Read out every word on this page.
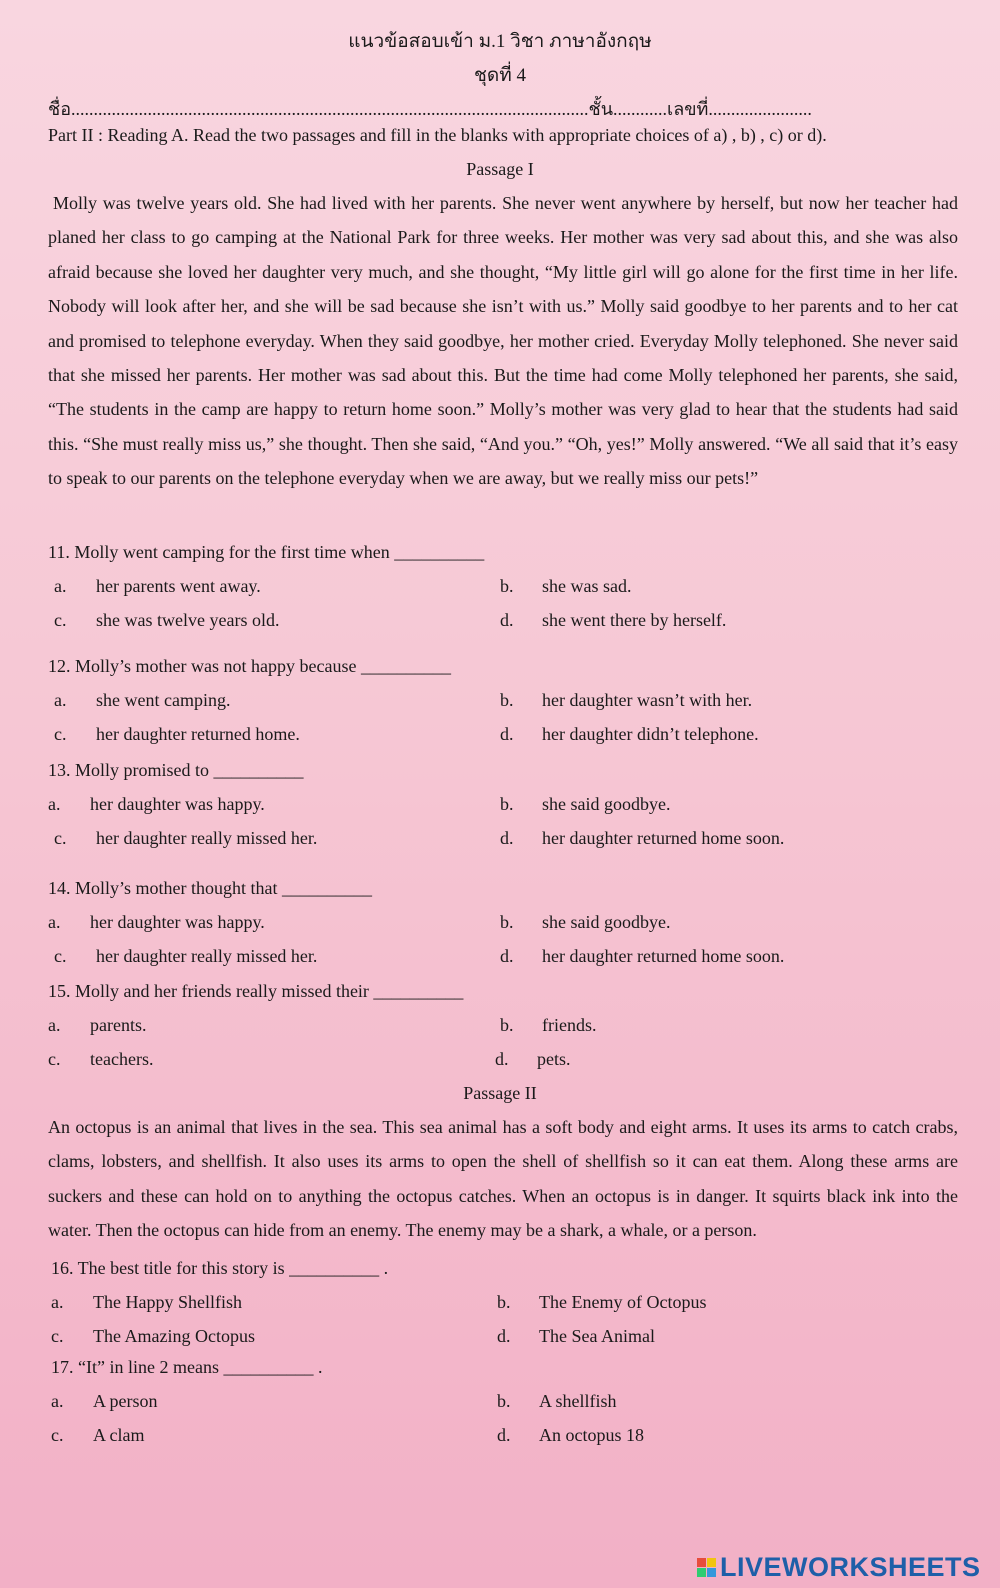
แนวข้อสอบเข้า ม.1 วิชา ภาษาอังกฤษ
ชุดที่ 4
ชื่อ...................................................................................................................ชั้น............เลขที่.......................
Part II : Reading A. Read the two passages and fill in the blanks with appropriate choices of a) , b) , c) or d).
Passage I
Molly was twelve years old. She had lived with her parents. She never went anywhere by herself, but now her teacher had planed her class to go camping at the National Park for three weeks. Her mother was very sad about this, and she was also afraid because she loved her daughter very much, and she thought, “My little girl will go alone for the first time in her life. Nobody will look after her, and she will be sad because she isn’t with us.” Molly said goodbye to her parents and to her cat and promised to telephone everyday. When they said goodbye, her mother cried. Everyday Molly telephoned. She never said that she missed her parents. Her mother was sad about this. But the time had come Molly telephoned her parents, she said, “The students in the camp are happy to return home soon.” Molly’s mother was very glad to hear that the students had said this. “She must really miss us,” she thought. Then she said, “And you.” “Oh, yes!” Molly answered. “We all said that it’s easy to speak to our parents on the telephone everyday when we are away, but we really miss our pets!”
11. Molly went camping for the first time when __________
a. her parents went away.	b. she was sad.
c. she was twelve years old.	d. she went there by herself.
12. Molly’s mother was not happy because __________
a. she went camping.	b. her daughter wasn’t with her.
c. her daughter returned home.	d. her daughter didn’t telephone.
13. Molly promised to __________
a. her daughter was happy.	b. she said goodbye.
c. her daughter really missed her.	d. her daughter returned home soon.
14. Molly’s mother thought that __________
a. her daughter was happy.	b. she said goodbye.
c. her daughter really missed her.	d. her daughter returned home soon.
15. Molly and her friends really missed their __________
a. parents.	b. friends.
c. teachers.	d. pets.
Passage II
An octopus is an animal that lives in the sea. This sea animal has a soft body and eight arms. It uses its arms to catch crabs, clams, lobsters, and shellfish. It also uses its arms to open the shell of shellfish so it can eat them. Along these arms are suckers and these can hold on to anything the octopus catches. When an octopus is in danger. It squirts black ink into the water. Then the octopus can hide from an enemy. The enemy may be a shark, a whale, or a person.
16. The best title for this story is __________ .
a. The Happy Shellfish	b. The Enemy of Octopus
c. The Amazing Octopus	d. The Sea Animal
17. “It” in line 2 means __________ .
a. A person	b. A shellfish
c. A clam	d. An octopus 18
LIVEWORKSHEETS
